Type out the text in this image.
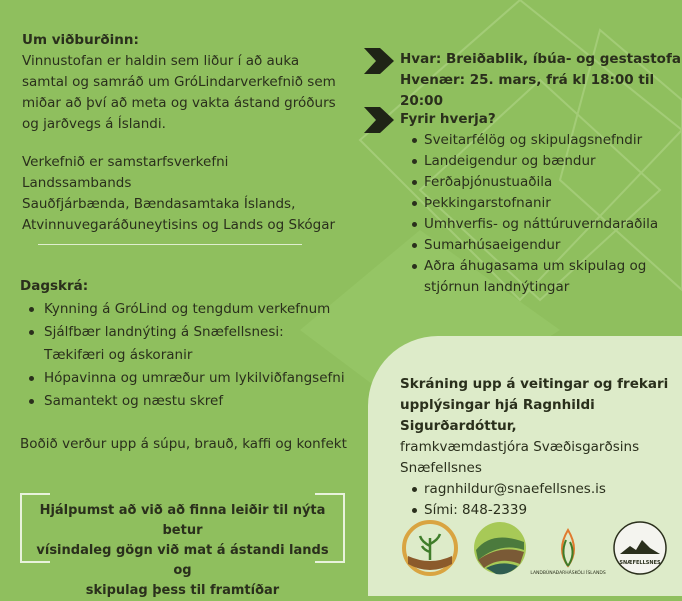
Um viðburðinn:

Vinnustofan er haldin sem liður í að auka

samtal og samráð um GróLindarverkefnið sem

miðar að því að meta og vakta ástand gróðurs

og jarðvegs á Íslandi.

Verkefnið er samstarfsverkefni Landssambands
Sauðfjárbænda, Bændasamtaka Íslands,
Atvinnuvegaráðuneytisins og Lands og Skógar
Dagskrá:
Kynning á GróLind og tengdum verkefnum
Sjálfbær landnýting á Snæfellsnesi:
Tækifæri og áskoranir
Hópavinna og umræður um lykilviðfangsefni
Samantekt og næstu skref
Boðið verður upp á súpu, brauð, kaffi og konfekt
Hjálpumst að við að finna leiðir til nýta betur
vísindaleg gögn við mat á ástandi lands og
skipulag þess til framtíðar
Hvar: Breiðablik, íbúa- og gestastofa
Hvenær: 25. mars, frá kl 18:00 til 20:00
Fyrir hverja?
Sveitarfélög og skipulagsnefndir
Landeigendur og bændur
Ferðaþjónustuaðila
Þekkingarstofnanir
Umhverfis- og náttúruverndaraðila
Sumarhúsaeigendur
Aðra áhugasama um skipulag og
stjórnun landnýtingar
Skráning upp á veitingar og frekari
upplýsingar hjá Ragnhildi Sigurðardóttur,
framkvæmdastjóra Svæðisgarðsins
Snæfellsnes
ragnhildur@snaefellsnes.is
Sími: 848-2339
LANDBÚNAÐARHÁSKÓLI ÍSLANDS
SNÆFELLSNES
